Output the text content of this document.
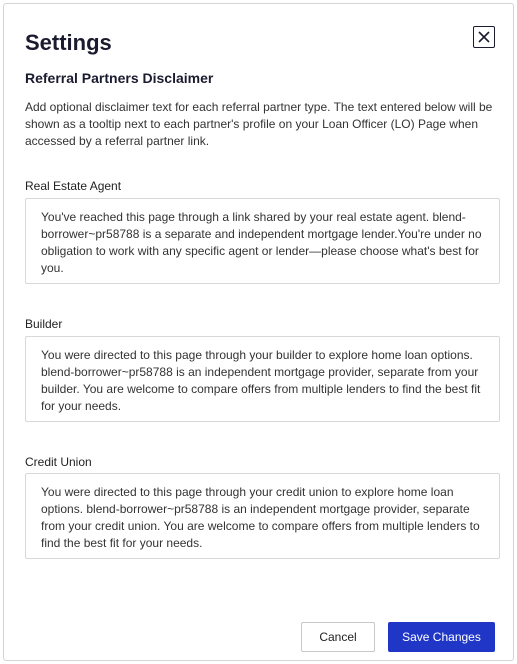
Settings
Referral Partners Disclaimer
Add optional disclaimer text for each referral partner type. The text entered below will be shown as a tooltip next to each partner's profile on your Loan Officer (LO) Page when accessed by a referral partner link.
Real Estate Agent
You've reached this page through a link shared by your real estate agent. blend-borrower~pr58788 is a separate and independent mortgage lender.You're under no obligation to work with any specific agent or lender—please choose what's best for you.
Builder
You were directed to this page through your builder to explore home loan options. blend-borrower~pr58788 is an independent mortgage provider, separate from your builder. You are welcome to compare offers from multiple lenders to find the best fit for your needs.
Credit Union
You were directed to this page through your credit union to explore home loan options. blend-borrower~pr58788 is an independent mortgage provider, separate from your credit union. You are welcome to compare offers from multiple lenders to find the best fit for your needs.
Cancel	Save Changes
